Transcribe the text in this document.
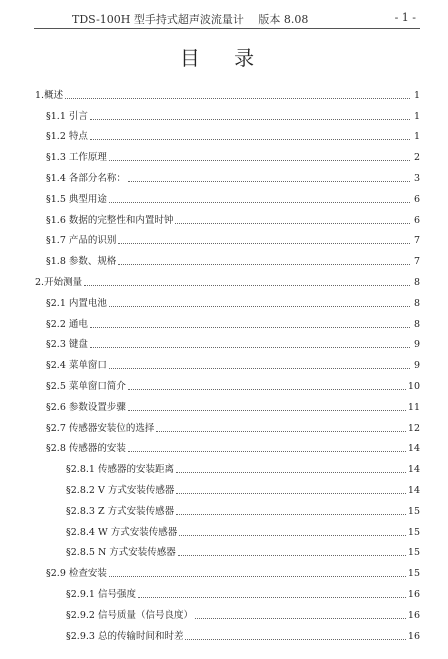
TDS-100H 型手持式超声波流量计　 版本 8.08	- 1 -
目 录
1.概述	1
§1.1 引言	1
§1.2 特点	1
§1.3 工作原理	2
§1.4 各部分名称：	3
§1.5 典型用途	6
§1.6 数据的完整性和内置时钟	6
§1.7 产品的识别	7
§1.8 参数、规格	7
2.开始测量	8
§2.1 内置电池	8
§2.2 通电	8
§2.3 键盘	9
§2.4 菜单窗口	9
§2.5 菜单窗口简介	10
§2.6 参数设置步骤	11
§2.7 传感器安装位的选择	12
§2.8 传感器的安装	14
§2.8.1 传感器的安装距离	14
§2.8.2 V 方式安装传感器	14
§2.8.3 Z 方式安装传感器	15
§2.8.4 W 方式安装传感器	15
§2.8.5 N 方式安装传感器	15
§2.9 检查安装	15
§2.9.1 信号强度	16
§2.9.2 信号质量（信号良度）	16
§2.9.3 总的传输时间和时差	16
